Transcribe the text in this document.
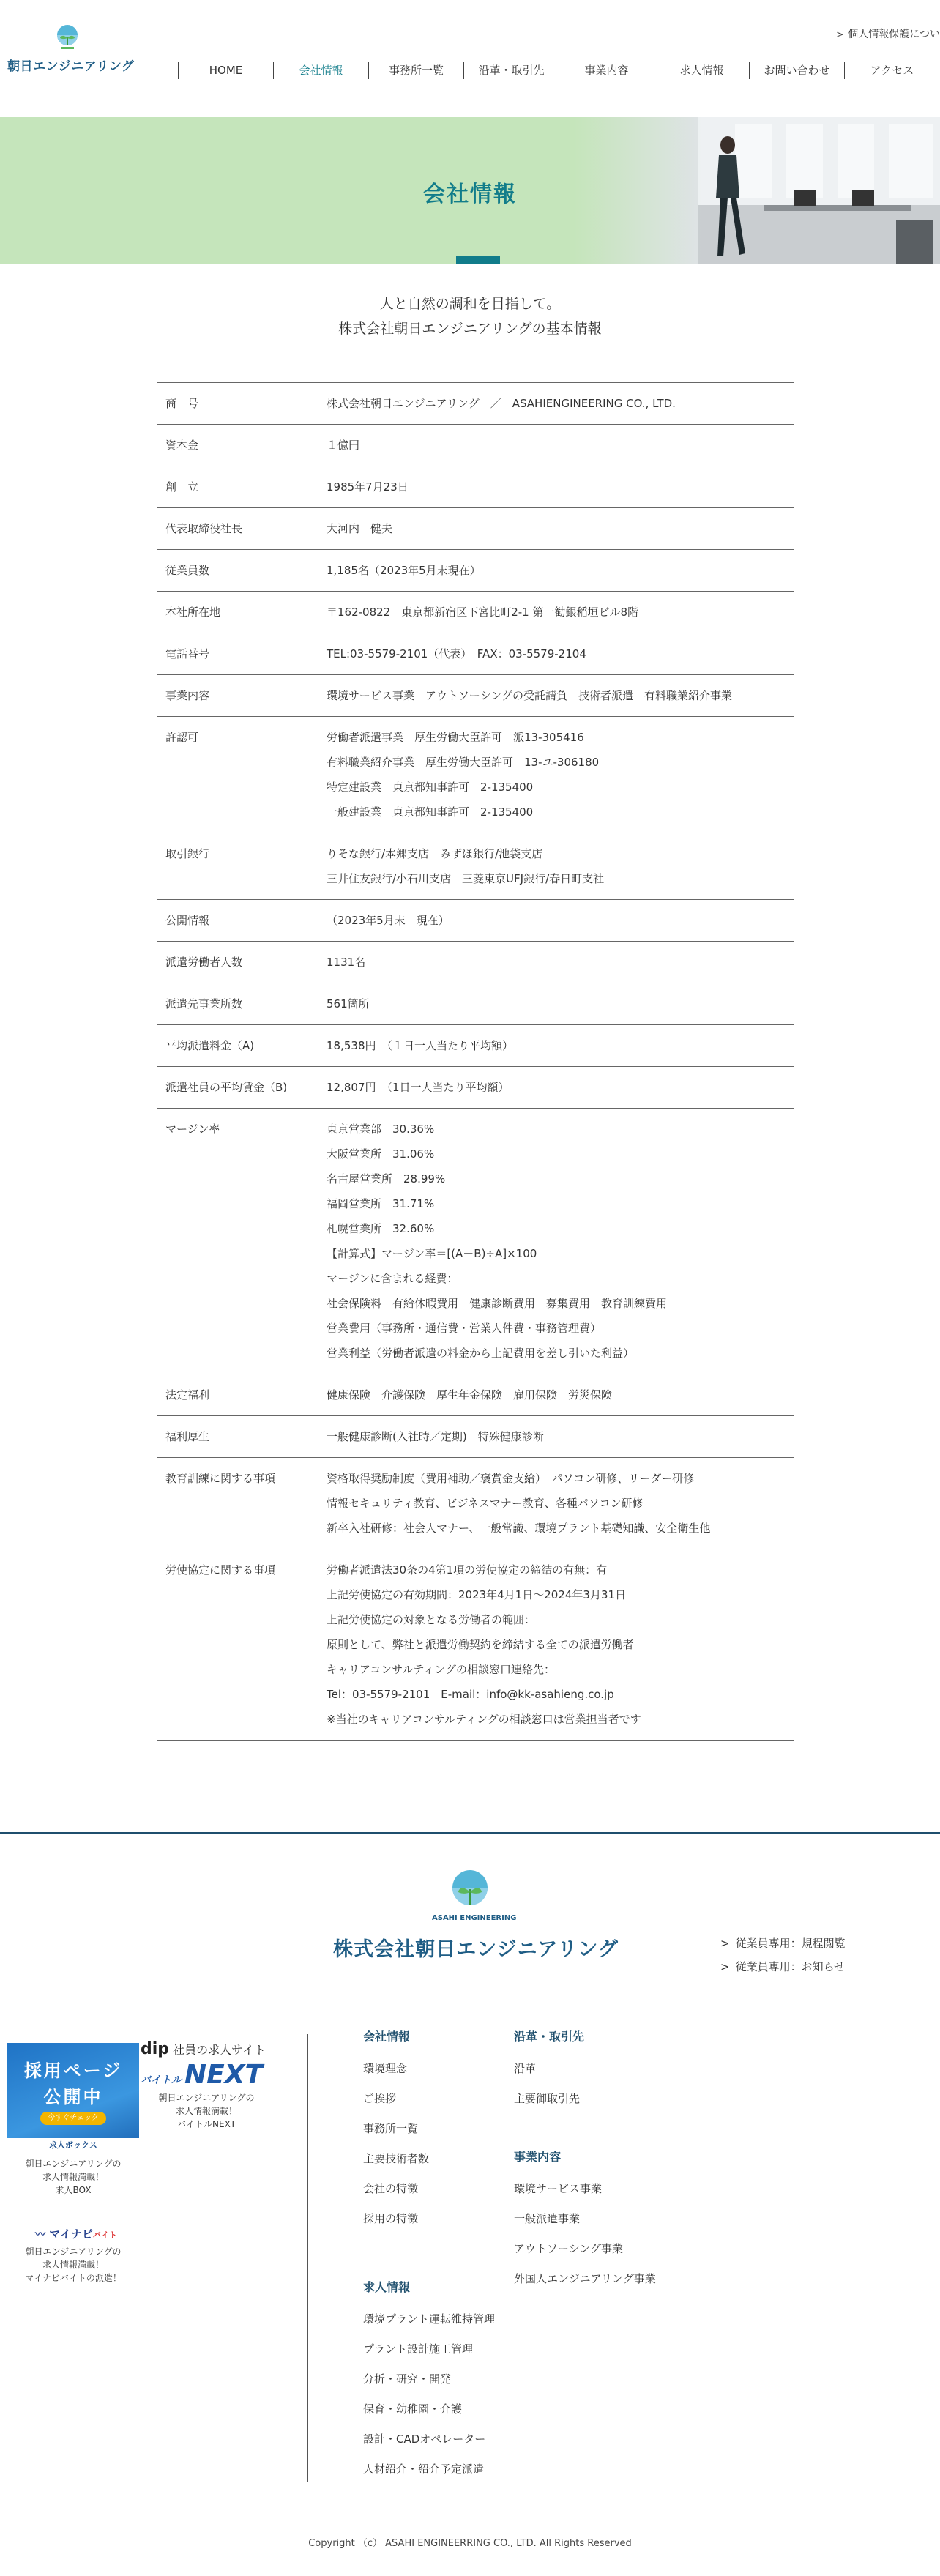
朝日エンジニアリング
> 個人情報保護につい
HOME	会社情報	事務所一覧	沿革・取引先	事業内容	求人情報	お問い合わせ	アクセス
会社情報
人と自然の調和を目指して。
株式会社朝日エンジニアリングの基本情報
商　号	株式会社朝日エンジニアリング　／　ASAHIENGINEERING CO., LTD.
資本金	１億円
創　立	1985年7月23日
代表取締役社長	大河内　健夫
従業員数	1,185名（2023年5月末現在）
本社所在地	〒162-0822　東京都新宿区下宮比町2-1 第一勧銀稲垣ビル8階
電話番号	TEL:03-5579-2101（代表）　FAX：03-5579-2104
事業内容	環境サービス事業　アウトソーシングの受託請負　技術者派遣　有料職業紹介事業
許認可	労働者派遣事業　厚生労働大臣許可　派13-305416
有料職業紹介事業　厚生労働大臣許可　13-ユ-306180
特定建設業　東京都知事許可　2-135400
一般建設業　東京都知事許可　2-135400
取引銀行	りそな銀行/本郷支店　みずほ銀行/池袋支店
三井住友銀行/小石川支店　三菱東京UFJ銀行/春日町支社
公開情報	（2023年5月末　現在）
派遣労働者人数	1131名
派遣先事業所数	561箇所
平均派遣料金（A)	18,538円　（１日一人当たり平均額）
派遣社員の平均賃金（B)	12,807円　（1日一人当たり平均額）
マージン率	東京営業部　30.36%
大阪営業所　31.06%
名古屋営業所　28.99%
福岡営業所　31.71%
札幌営業所　32.60%
【計算式】マージン率＝[(A－B)÷A]×100
マージンに含まれる経費：
社会保険料　有給休暇費用　健康診断費用　募集費用　教育訓練費用
営業費用（事務所・通信費・営業人件費・事務管理費）
営業利益（労働者派遣の料金から上記費用を差し引いた利益）
法定福利	健康保険　介護保険　厚生年金保険　雇用保険　労災保険
福利厚生	一般健康診断(入社時／定期)　特殊健康診断
教育訓練に関する事項	資格取得奨励制度（費用補助／褒賞金支給）　パソコン研修、リーダー研修
情報セキュリティ教育、ビジネスマナー教育、各種パソコン研修
新卒入社研修：社会人マナー、一般常識、環境プラント基礎知識、安全衛生他
労使協定に関する事項	労働者派遣法30条の4第1項の労使協定の締結の有無：有
上記労使協定の有効期間：2023年4月1日〜2024年3月31日
上記労使協定の対象となる労働者の範囲：
原則として、弊社と派遣労働契約を締結する全ての派遣労働者
キャリアコンサルティングの相談窓口連絡先：
Tel：03-5579-2101　E-mail：info@kk-asahieng.co.jp
※当社のキャリアコンサルティングの相談窓口は営業担当者です
ASAHI ENGINEERING
株式会社朝日エンジニアリング	> 従業員専用：規程閲覧
> 従業員専用：お知らせ
採用ページ
公開中
今すぐチェック
求人ボックス
朝日エンジニアリングの
求人情報満載！
求人BOX
dip 社員の求人サイト
バイトル NEXT
朝日エンジニアリングの
求人情報満載！
バイトルNEXT
〰 マイナビバイト
朝日エンジニアリングの
求人情報満載！
マイナビバイトの派遣！
会社情報
環境理念
ご挨拶
事務所一覧
主要技術者数
会社の特徴
採用の特徴
求人情報
環境プラント運転維持管理
プラント設計施工管理
分析・研究・開発
保育・幼稚園・介護
設計・CADオペレーター
人材紹介・紹介予定派遣
沿革・取引先
沿革
主要御取引先
事業内容
環境サービス事業
一般派遣事業
アウトソーシング事業
外国人エンジニアリング事業
Copyright （c） ASAHI ENGINEERRING CO., LTD. All Rights Reserved
